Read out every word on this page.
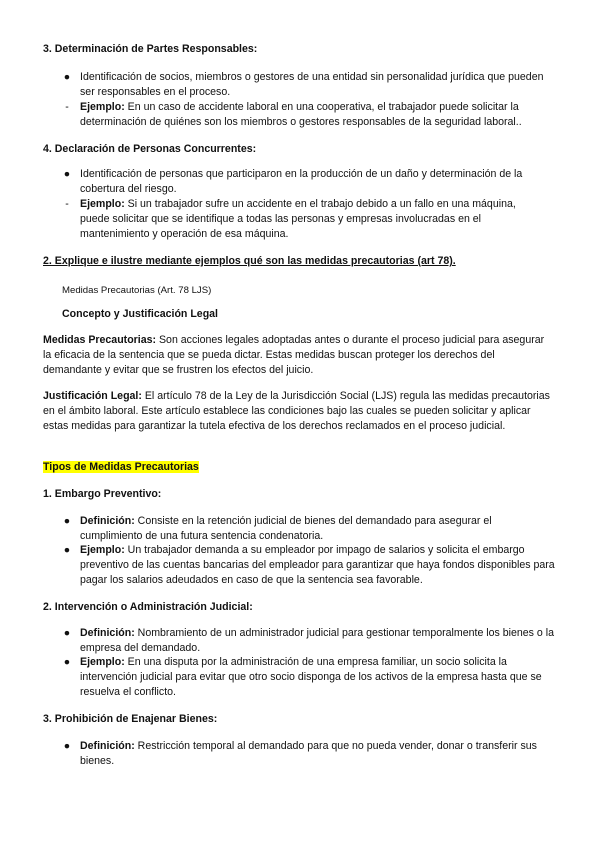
3. Determinación de Partes Responsables:
● Identificación de socios, miembros o gestores de una entidad sin personalidad jurídica que pueden ser responsables en el proceso.
-	Ejemplo: En un caso de accidente laboral en una cooperativa, el trabajador puede solicitar la determinación de quiénes son los miembros o gestores responsables de la seguridad laboral..
4. Declaración de Personas Concurrentes:
● Identificación de personas que participaron en la producción de un daño y determinación de la cobertura del riesgo.
-	Ejemplo: Si un trabajador sufre un accidente en el trabajo debido a un fallo en una máquina, puede solicitar que se identifique a todas las personas y empresas involucradas en el mantenimiento y operación de esa máquina.
2. Explique e ilustre mediante ejemplos qué son las medidas precautorias (art 78).
Medidas Precautorias (Art. 78 LJS)
Concepto y Justificación Legal
Medidas Precautorias: Son acciones legales adoptadas antes o durante el proceso judicial para asegurar la eficacia de la sentencia que se pueda dictar. Estas medidas buscan proteger los derechos del demandante y evitar que se frustren los efectos del juicio.
Justificación Legal: El artículo 78 de la Ley de la Jurisdicción Social (LJS) regula las medidas precautorias en el ámbito laboral. Este artículo establece las condiciones bajo las cuales se pueden solicitar y aplicar estas medidas para garantizar la tutela efectiva de los derechos reclamados en el proceso judicial.
Tipos de Medidas Precautorias
1. Embargo Preventivo:
● Definición: Consiste en la retención judicial de bienes del demandado para asegurar el cumplimiento de una futura sentencia condenatoria.
● Ejemplo: Un trabajador demanda a su empleador por impago de salarios y solicita el embargo preventivo de las cuentas bancarias del empleador para garantizar que haya fondos disponibles para pagar los salarios adeudados en caso de que la sentencia sea favorable.
2. Intervención o Administración Judicial:
● Definición: Nombramiento de un administrador judicial para gestionar temporalmente los bienes o la empresa del demandado.
● Ejemplo: En una disputa por la administración de una empresa familiar, un socio solicita la intervención judicial para evitar que otro socio disponga de los activos de la empresa hasta que se resuelva el conflicto.
3. Prohibición de Enajenar Bienes:
● Definición: Restricción temporal al demandado para que no pueda vender, donar o transferir sus bienes.
